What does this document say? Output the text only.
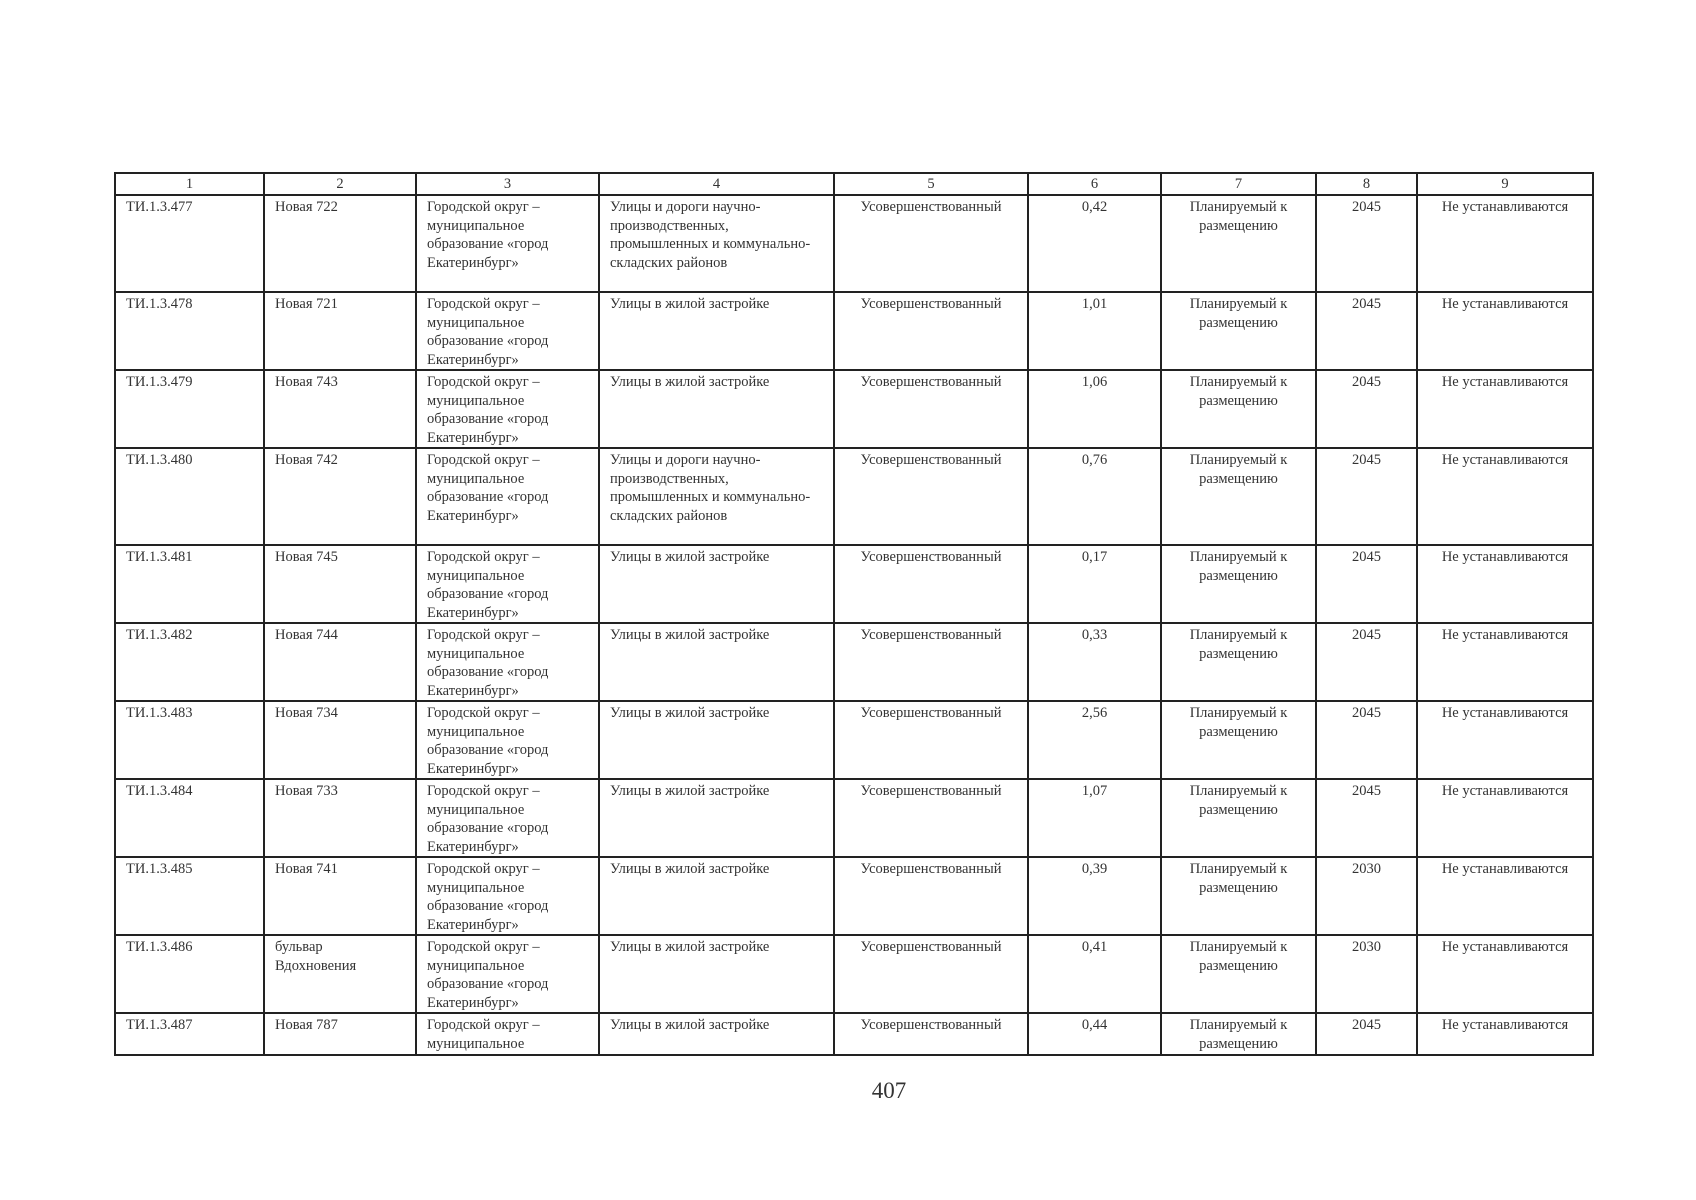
1	2	3	4	5	6	7	8	9

ТИ.1.3.477	Новая 722	Городской округ – муниципальное образование «город Екатеринбург»	Улицы и дороги научно-производственных, промышленных и коммунально-складских районов	Усовершенствованный	0,42	Планируемый к размещению	2045	Не устанавливаются

ТИ.1.3.478	Новая 721	Городской округ – муниципальное образование «город Екатеринбург»	Улицы в жилой застройке	Усовершенствованный	1,01	Планируемый к размещению	2045	Не устанавливаются

ТИ.1.3.479	Новая 743	Городской округ – муниципальное образование «город Екатеринбург»	Улицы в жилой застройке	Усовершенствованный	1,06	Планируемый к размещению	2045	Не устанавливаются

ТИ.1.3.480	Новая 742	Городской округ – муниципальное образование «город Екатеринбург»	Улицы и дороги научно-производственных, промышленных и коммунально-складских районов	Усовершенствованный	0,76	Планируемый к размещению	2045	Не устанавливаются

ТИ.1.3.481	Новая 745	Городской округ – муниципальное образование «город Екатеринбург»	Улицы в жилой застройке	Усовершенствованный	0,17	Планируемый к размещению	2045	Не устанавливаются

ТИ.1.3.482	Новая 744	Городской округ – муниципальное образование «город Екатеринбург»	Улицы в жилой застройке	Усовершенствованный	0,33	Планируемый к размещению	2045	Не устанавливаются

ТИ.1.3.483	Новая 734	Городской округ – муниципальное образование «город Екатеринбург»	Улицы в жилой застройке	Усовершенствованный	2,56	Планируемый к размещению	2045	Не устанавливаются

ТИ.1.3.484	Новая 733	Городской округ – муниципальное образование «город Екатеринбург»	Улицы в жилой застройке	Усовершенствованный	1,07	Планируемый к размещению	2045	Не устанавливаются

ТИ.1.3.485	Новая 741	Городской округ – муниципальное образование «город Екатеринбург»	Улицы в жилой застройке	Усовершенствованный	0,39	Планируемый к размещению	2030	Не устанавливаются

ТИ.1.3.486	бульвар Вдохновения	Городской округ – муниципальное образование «город Екатеринбург»	Улицы в жилой застройке	Усовершенствованный	0,41	Планируемый к размещению	2030	Не устанавливаются

ТИ.1.3.487	Новая 787	Городской округ – муниципальное	Улицы в жилой застройке	Усовершенствованный	0,44	Планируемый к размещению	2045	Не устанавливаются
407
